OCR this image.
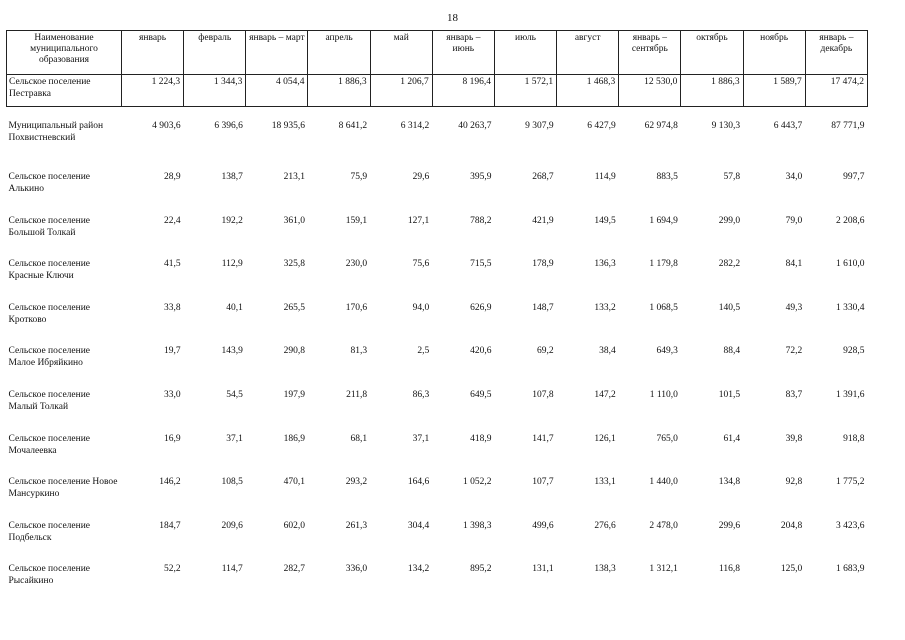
18
Наименование муниципального образования	январь	февраль	январь – март	апрель	май	январь – июнь	июль	август	январь – сентябрь	октябрь	ноябрь	январь – декабрь
Сельское поселение Пестравка	1 224,3	1 344,3	4 054,4	1 886,3	1 206,7	8 196,4	1 572,1	1 468,3	12 530,0	1 886,3	1 589,7	17 474,2
Муниципальный район Похвистневский	4 903,6	6 396,6	18 935,6	8 641,2	6 314,2	40 263,7	9 307,9	6 427,9	62 974,8	9 130,3	6 443,7	87 771,9
Сельское поселение Алькино	28,9	138,7	213,1	75,9	29,6	395,9	268,7	114,9	883,5	57,8	34,0	997,7
Сельское поселение Большой Толкай	22,4	192,2	361,0	159,1	127,1	788,2	421,9	149,5	1 694,9	299,0	79,0	2 208,6
Сельское поселение Красные Ключи	41,5	112,9	325,8	230,0	75,6	715,5	178,9	136,3	1 179,8	282,2	84,1	1 610,0
Сельское поселение Кротково	33,8	40,1	265,5	170,6	94,0	626,9	148,7	133,2	1 068,5	140,5	49,3	1 330,4
Сельское поселение Малое Ибряйкино	19,7	143,9	290,8	81,3	2,5	420,6	69,2	38,4	649,3	88,4	72,2	928,5
Сельское поселение Малый Толкай	33,0	54,5	197,9	211,8	86,3	649,5	107,8	147,2	1 110,0	101,5	83,7	1 391,6
Сельское поселение Мочалеевка	16,9	37,1	186,9	68,1	37,1	418,9	141,7	126,1	765,0	61,4	39,8	918,8
Сельское поселение Новое Мансуркино	146,2	108,5	470,1	293,2	164,6	1 052,2	107,7	133,1	1 440,0	134,8	92,8	1 775,2
Сельское поселение Подбельск	184,7	209,6	602,0	261,3	304,4	1 398,3	499,6	276,6	2 478,0	299,6	204,8	3 423,6
Сельское поселение Рысайкино	52,2	114,7	282,7	336,0	134,2	895,2	131,1	138,3	1 312,1	116,8	125,0	1 683,9
